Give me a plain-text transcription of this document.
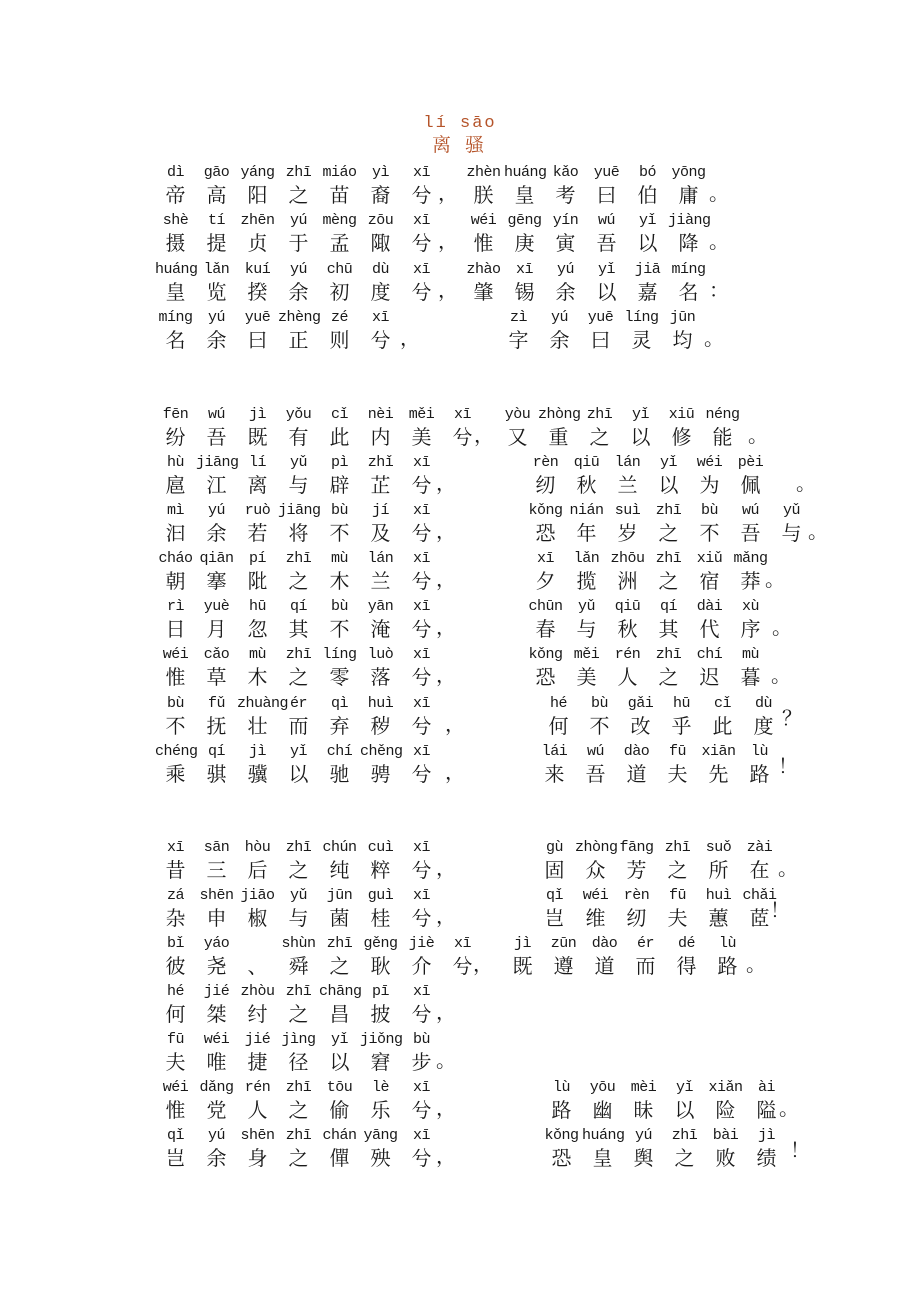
lí sāo
离 骚
dì
帝
gāo
高
yáng
阳
zhī
之
miáo
苗
yì
裔
xī
兮 ，
zhèn
朕
huáng
皇
kǎo
考
yuē
曰
bó
伯
yōng
庸 。
shè
摄
tí
提
zhēn
贞
yú
于
mèng
孟
zōu
陬
xī
兮 ，
wéi
惟
gēng
庚
yín
寅
wú
吾
yǐ
以
jiàng
降 。
huáng
皇
lǎn
览
kuí
揆
yú
余
chū
初
dù
度
xī
兮 ，
zhào
肇
xī
锡
yú
余
yǐ
以
jiā
嘉
míng
名 ：
míng
名
yú
余
yuē
曰
zhèng
正
zé
则
xī
兮 ，
zì
字
yú
余
yuē
曰
líng
灵
jūn
均 。
fēn
纷
wú
吾
jì
既
yǒu
有
cǐ
此
nèi
内
měi
美
xī
兮 ，
yòu
又
zhòng
重
zhī
之
yǐ
以
xiū
修
néng
能 。
hù
扈
jiāng
江
lí
离
yǔ
与
pì
辟
zhǐ
芷
xī
兮 ，
rèn
纫
qiū
秋
lán
兰
yǐ
以
wéi
为
pèi
佩	。
mì
汩
yú
余
ruò
若
jiāng
将
bù
不
jí
及
xī
兮 ，
kǒng
恐
nián
年
suì
岁
zhī
之
bù
不
wú
吾
yǔ
与 。
cháo
朝
qiān
搴
pí
阰
zhī
之
mù
木
lán
兰
xī
兮 ，
xī
夕
lǎn
揽
zhōu
洲
zhī
之
xiǔ
宿
mǎng
莽 。
rì
日
yuè
月
hū
忽
qí
其
bù
不
yān
淹
xī
兮 ，
chūn
春
yǔ
与
qiū
秋
qí
其
dài
代
xù
序 。
wéi
惟
cǎo
草
mù
木
zhī
之
líng
零
luò
落
xī
兮 ，
kǒng
恐
měi
美
rén
人
zhī
之
chí
迟
mù
暮 。
bù
不
fǔ
抚
zhuàng
壮
ér
而
qì
弃
huì
秽
xī
兮 ，
hé
何
bù
不
gǎi
改
hū
乎
cǐ
此
dù
度 ？
chéng
乘
qí
骐
jì
骥
yǐ
以
chí
驰
chěng
骋
xī
兮 ，
lái
来
wú
吾
dào
道
fū
夫
xiān
先
lù
路 ！
xī
昔
sān
三
hòu
后
zhī
之
chún
纯
cuì
粹
xī
兮 ，
gù
固
zhòng
众
fāng
芳
zhī
之
suǒ
所
zài
在 。
zá
杂
shēn
申
jiāo
椒
yǔ
与
jūn
菌
guì
桂
xī
兮 ，
qǐ
岂
wéi
维
rèn
纫
fū
夫
huì
蕙
chǎi
茝 ！
bǐ
彼
yáo
尧	、
shùn
舜
zhī
之
gěng
耿
jiè
介
xī
兮 ，
jì
既
zūn
遵
dào
道
ér
而
dé
得
lù
路 。
hé
何
jié
桀
zhòu
纣
zhī
之
chāng
昌
pī
披
xī
兮 ，
fū
夫
wéi
唯
jié
捷
jìng
径
yǐ
以
jiǒng
窘
bù
步 。
wéi
惟
dǎng
党
rén
人
zhī
之
tōu
偷
lè
乐
xī
兮 ，
lù
路
yōu
幽
mèi
昧
yǐ
以
xiǎn
险
ài
隘 。
qǐ
岂
yú
余
shēn
身
zhī
之
chán
僤
yāng
殃
xī
兮 ，
kǒng
恐
huáng
皇
yú
舆
zhī
之
bài
败
jì
绩 ！
